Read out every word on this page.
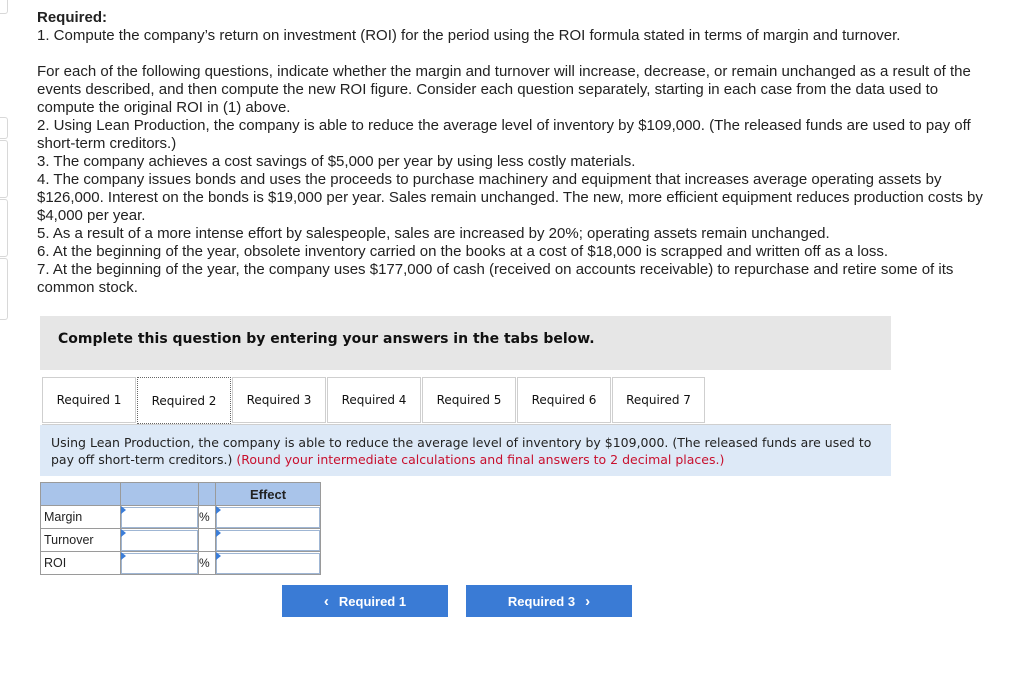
Required:

1. Compute the company’s return on investment (ROI) for the period using the ROI formula stated in terms of margin and turnover.

For each of the following questions, indicate whether the margin and turnover will increase, decrease, or remain unchanged as a result of the events described, and then compute the new ROI figure. Consider each question separately, starting in each case from the data used to compute the original ROI in (1) above.

2. Using Lean Production, the company is able to reduce the average level of inventory by $109,000. (The released funds are used to pay off short-term creditors.)

3. The company achieves a cost savings of $5,000 per year by using less costly materials.

4. The company issues bonds and uses the proceeds to purchase machinery and equipment that increases average operating assets by $126,000. Interest on the bonds is $19,000 per year. Sales remain unchanged. The new, more efficient equipment reduces production costs by $4,000 per year.

5. As a result of a more intense effort by salespeople, sales are increased by 20%; operating assets remain unchanged.

6. At the beginning of the year, obsolete inventory carried on the books at a cost of $18,000 is scrapped and written off as a loss.

7. At the beginning of the year, the company uses $177,000 of cash (received on accounts receivable) to repurchase and retire some of its common stock.

Complete this question by entering your answers in the tabs below.
Required 1	Required 2	Required 3	Required 4	Required 5	Required 6	Required 7
Using Lean Production, the company is able to reduce the average level of inventory by $109,000. (The released funds are used to pay off short-term creditors.) (Round your intermediate calculations and final answers to 2 decimal places.)
			Effect
Margin		%	

Turnover	

ROI		%	
‹ Required 1	Required 3 ›
